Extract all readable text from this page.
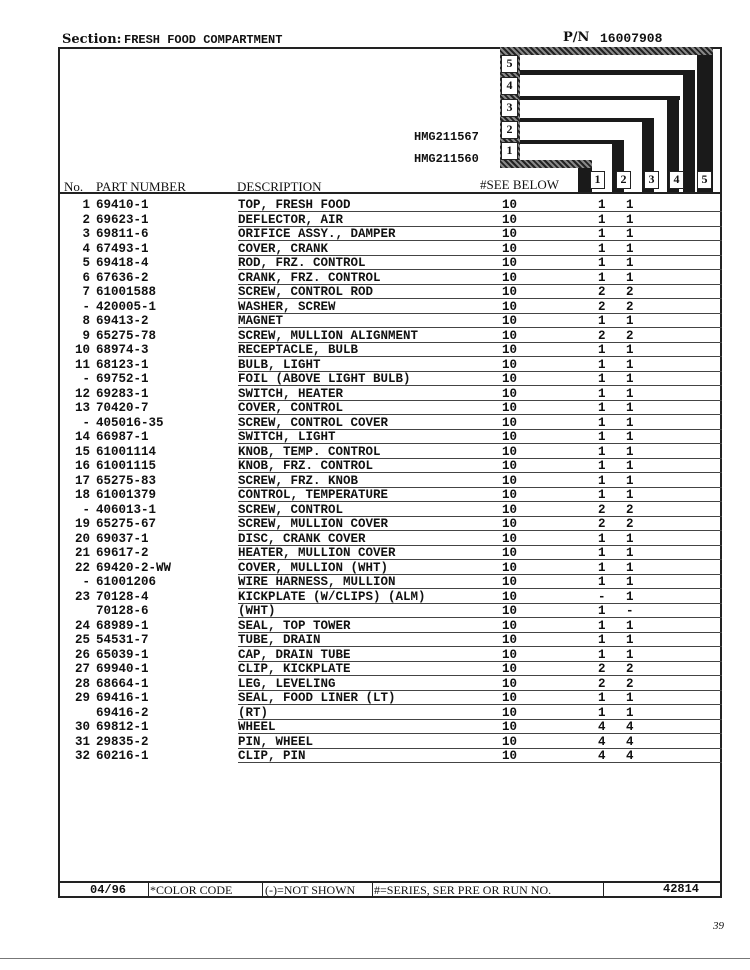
Section: FRESH FOOD COMPARTMENT	P/N 16007908
5
4
3
2
1
1	2	3	4	5
HMG211567
HMG211560
No. PART NUMBER	DESCRIPTION	#SEE BELOW
1 69410-1	TOP, FRESH FOOD	10	1 1
2 69623-1	DEFLECTOR, AIR	10	1 1
3 69811-6	ORIFICE ASSY., DAMPER	10	1 1
4 67493-1	COVER, CRANK	10	1 1
5 69418-4	ROD, FRZ. CONTROL	10	1 1
6 67636-2	CRANK, FRZ. CONTROL	10	1 1
7 61001588	SCREW, CONTROL ROD	10	2 2
- 420005-1	WASHER, SCREW	10	2 2
8 69413-2	MAGNET	10	1 1
9 65275-78	SCREW, MULLION ALIGNMENT	10	2 2
10 68974-3	RECEPTACLE, BULB	10	1 1
11 68123-1	BULB, LIGHT	10	1 1
- 69752-1	FOIL (ABOVE LIGHT BULB)	10	1 1
12 69283-1	SWITCH, HEATER	10	1 1
13 70420-7	COVER, CONTROL	10	1 1
- 405016-35	SCREW, CONTROL COVER	10	1 1
14 66987-1	SWITCH, LIGHT	10	1 1
15 61001114	KNOB, TEMP. CONTROL	10	1 1
16 61001115	KNOB, FRZ. CONTROL	10	1 1
17 65275-83	SCREW, FRZ. KNOB	10	1 1
18 61001379	CONTROL, TEMPERATURE	10	1 1
- 406013-1	SCREW, CONTROL	10	2 2
19 65275-67	SCREW, MULLION COVER	10	2 2
20 69037-1	DISC, CRANK COVER	10	1 1
21 69617-2	HEATER, MULLION COVER	10	1 1
22 69420-2-WW	COVER, MULLION (WHT)	10	1 1
- 61001206	WIRE HARNESS, MULLION	10	1 1
23 70128-4	KICKPLATE (W/CLIPS) (ALM)	10	- 1
70128-6	(WHT)	10	1 -
24 68989-1	SEAL, TOP TOWER	10	1 1
25 54531-7	TUBE, DRAIN	10	1 1
26 65039-1	CAP, DRAIN TUBE	10	1 1
27 69940-1	CLIP, KICKPLATE	10	2 2
28 68664-1	LEG, LEVELING	10	2 2
29 69416-1	SEAL, FOOD LINER (LT)	10	1 1
69416-2	(RT)	10	1 1
30 69812-1	WHEEL	10	4 4
31 29835-2	PIN, WHEEL	10	4 4
32 60216-1	CLIP, PIN	10	4 4
04/96 *COLOR CODE	(-)=NOT SHOWN #=SERIES, SER PRE OR RUN NO.	42814
39
